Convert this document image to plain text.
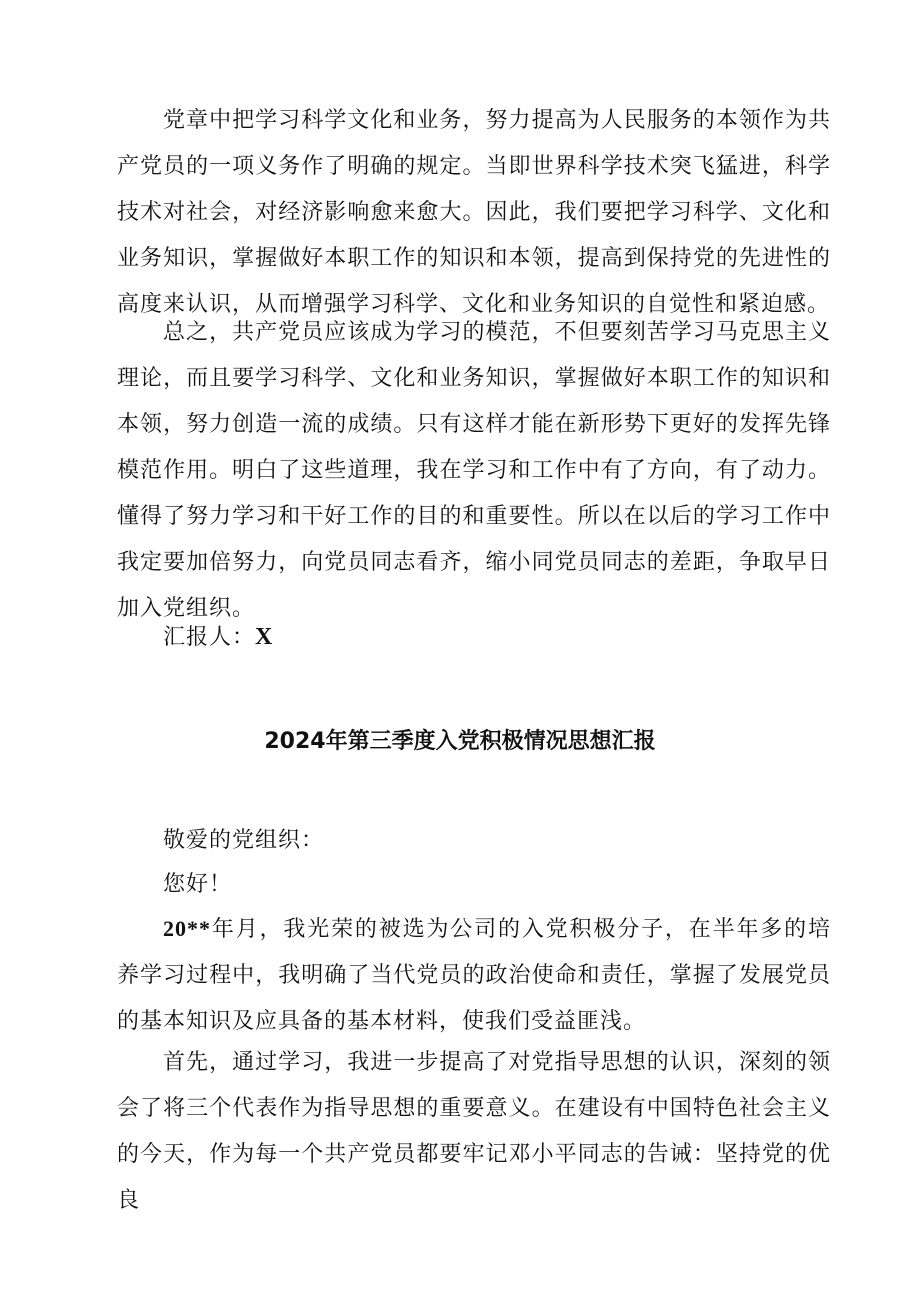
党章中把学习科学文化和业务，努力提高为人民服务的本领作为共产党员的一项义务作了明确的规定。当即世界科学技术突飞猛进，科学技术对社会，对经济影响愈来愈大。因此，我们要把学习科学、文化和业务知识，掌握做好本职工作的知识和本领，提高到保持党的先进性的高度来认识，从而增强学习科学、文化和业务知识的自觉性和紧迫感。

总之，共产党员应该成为学习的模范，不但要刻苦学习马克思主义理论，而且要学习科学、文化和业务知识，掌握做好本职工作的知识和本领，努力创造一流的成绩。只有这样才能在新形势下更好的发挥先锋模范作用。明白了这些道理，我在学习和工作中有了方向，有了动力。懂得了努力学习和干好工作的目的和重要性。所以在以后的学习工作中我定要加倍努力，向党员同志看齐，缩小同党员同志的差距，争取早日加入党组织。

汇报人：X

2024年第三季度入党积极情况思想汇报

敬爱的党组织：

您好！

20**年月，我光荣的被选为公司的入党积极分子，在半年多的培养学习过程中，我明确了当代党员的政治使命和责任，掌握了发展党员的基本知识及应具备的基本材料，使我们受益匪浅。

首先，通过学习，我进一步提高了对党指导思想的认识，深刻的领会了将三个代表作为指导思想的重要意义。在建设有中国特色社会主义的今天，作为每一个共产党员都要牢记邓小平同志的告诫：坚持党的优良
